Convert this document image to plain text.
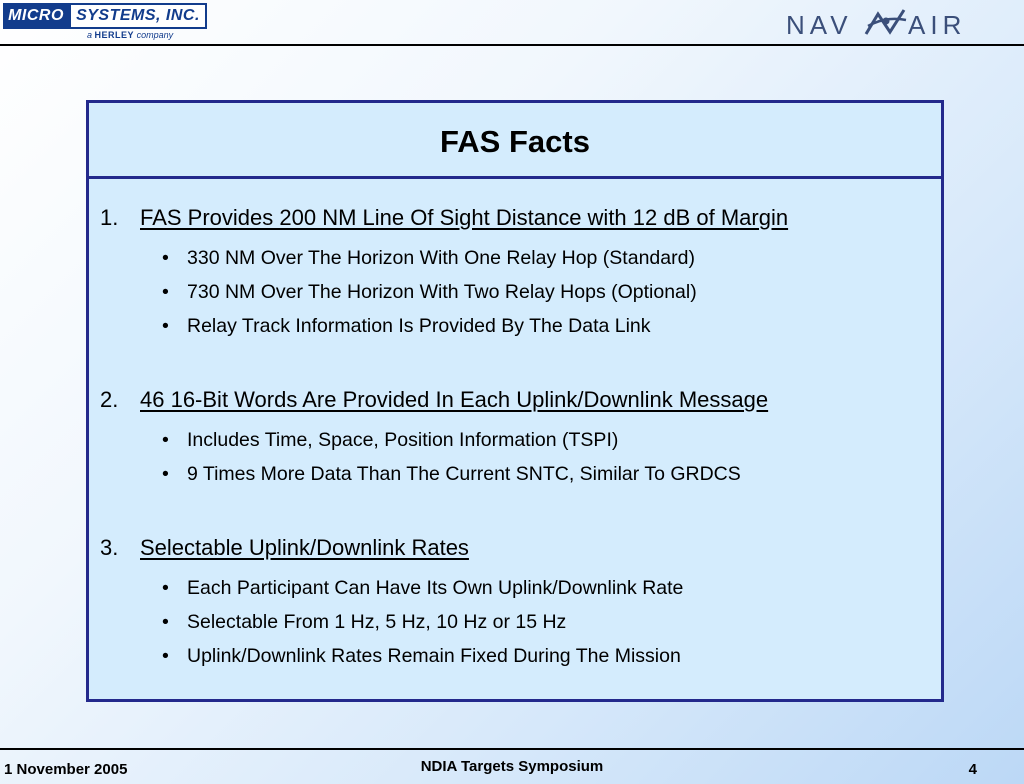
MICRO SYSTEMS, INC.
a HERLEY company	NAV AIR
FAS Facts
1. FAS Provides 200 NM Line Of Sight Distance with 12 dB of Margin
• 330 NM Over The Horizon With One Relay Hop (Standard)
• 730 NM Over The Horizon With Two Relay Hops (Optional)
• Relay Track Information Is Provided By The Data Link
2. 46 16-Bit Words Are Provided In Each Uplink/Downlink Message
• Includes Time, Space, Position Information (TSPI)
• 9 Times More Data Than The Current SNTC, Similar To GRDCS
3. Selectable Uplink/Downlink Rates
• Each Participant Can Have Its Own Uplink/Downlink Rate
• Selectable From 1 Hz, 5 Hz, 10 Hz or 15 Hz
• Uplink/Downlink Rates Remain Fixed During The Mission
1 November 2005	NDIA Targets Symposium	4
